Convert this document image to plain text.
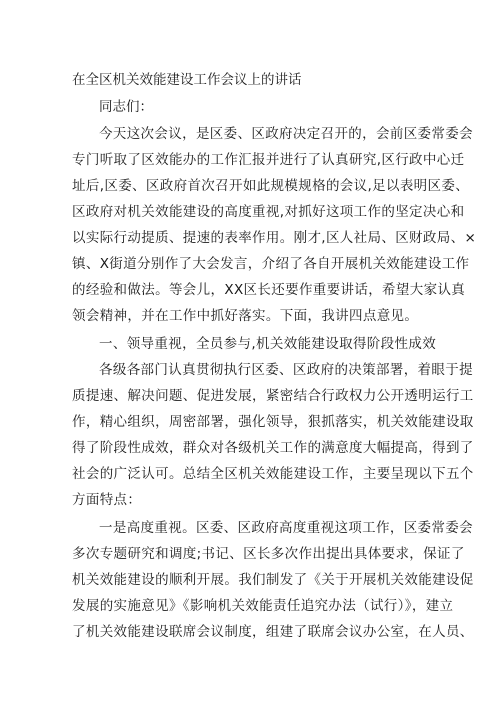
在全区机关效能建设工作会议上的讲话
同志们：
今天这次会议，是区委、区政府决定召开的，会前区委常委会
专门听取了区效能办的工作汇报并进行了认真研究,区行政中心迁
址后,区委、区政府首次召开如此规模规格的会议,足以表明区委、
区政府对机关效能建设的高度重视,对抓好这项工作的坚定决心和
以实际行动提质、提速的表率作用。刚才,区人社局、区财政局、×
镇、X街道分别作了大会发言，介绍了各自开展机关效能建设工作
的经验和做法。等会儿，XX区长还要作重要讲话，希望大家认真
领会精神，并在工作中抓好落实。下面，我讲四点意见。
一、领导重视，全员参与,机关效能建设取得阶段性成效
各级各部门认真贯彻执行区委、区政府的决策部署，着眼于提
质提速、解决问题、促进发展，紧密结合行政权力公开透明运行工
作，精心组织，周密部署，强化领导，狠抓落实，机关效能建设取
得了阶段性成效，群众对各级机关工作的满意度大幅提高，得到了
社会的广泛认可。总结全区机关效能建设工作，主要呈现以下五个
方面特点：
一是高度重视。区委、区政府高度重视这项工作，区委常委会
多次专题研究和调度;书记、区长多次作出提出具体要求，保证了
机关效能建设的顺利开展。我们制发了《关于开展机关效能建设促
发展的实施意见》《影响机关效能责任追究办法（试行）》，建立
了机关效能建设联席会议制度，组建了联席会议办公室，在人员、
